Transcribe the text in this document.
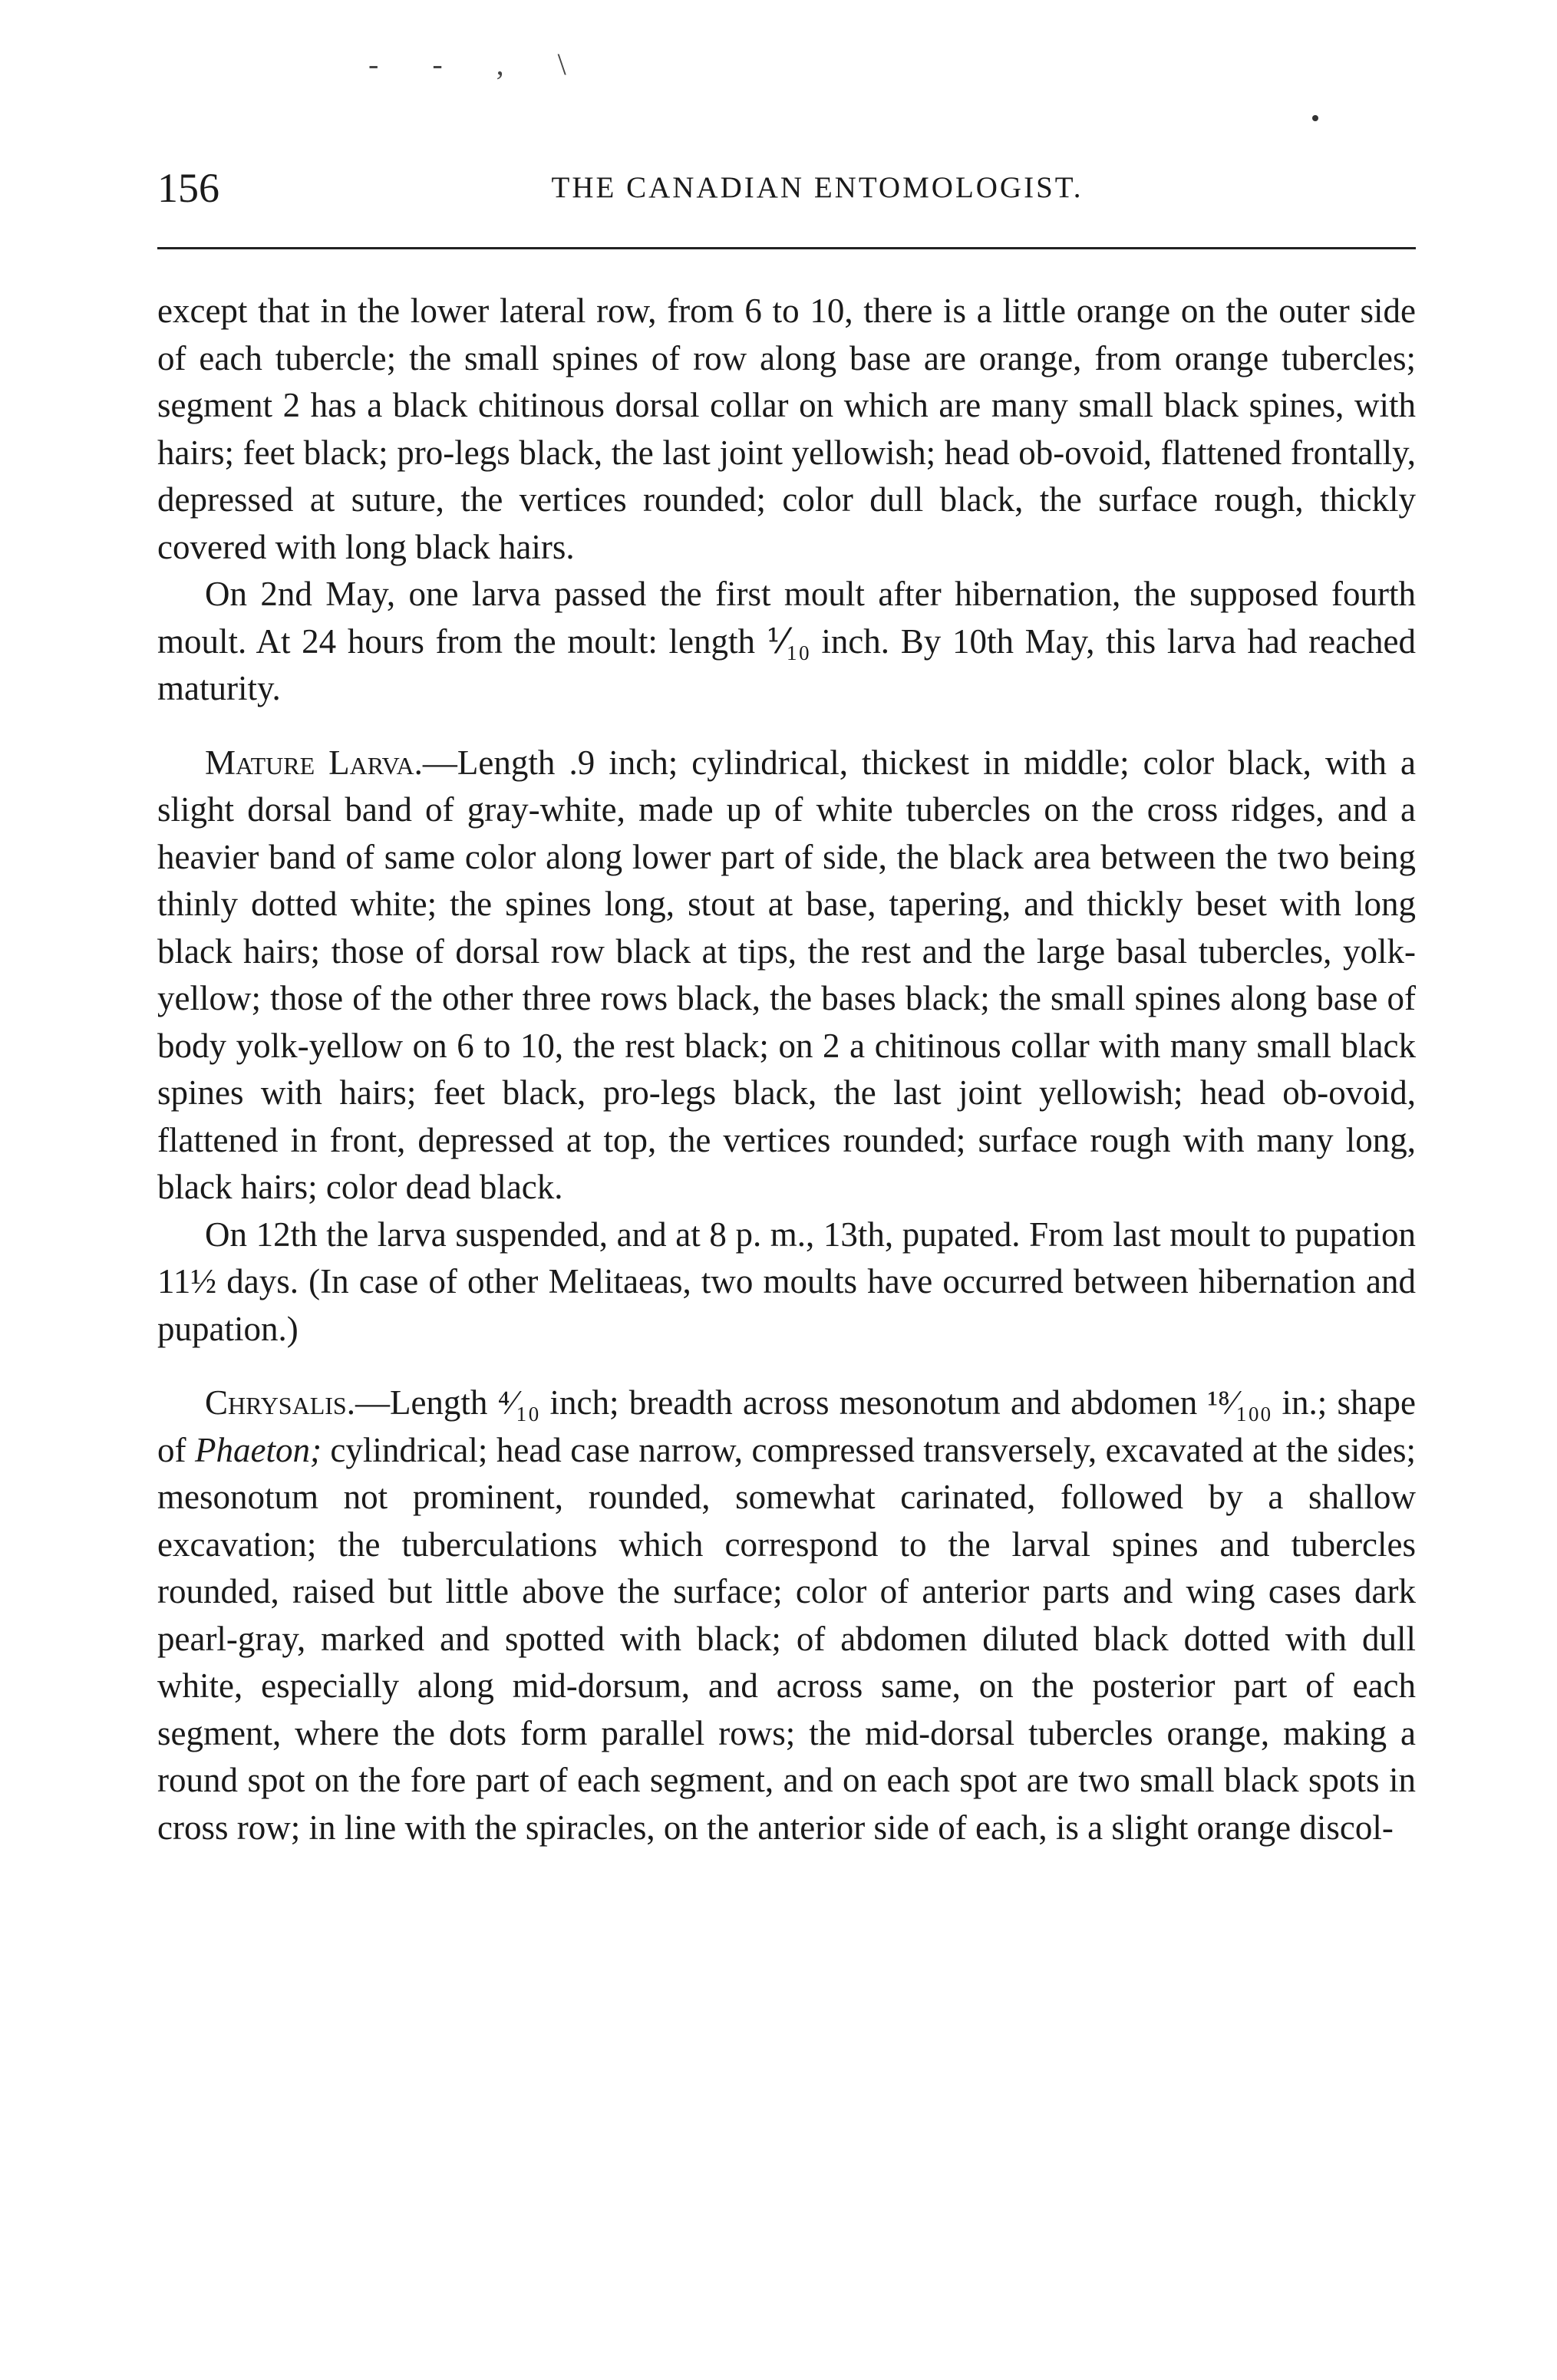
- - , \
156	THE CANADIAN ENTOMOLOGIST.

except that in the lower lateral row, from 6 to 10, there is a little orange on the outer side of each tubercle; the small spines of row along base are orange, from orange tubercles; segment 2 has a black chitinous dorsal collar on which are many small black spines, with hairs; feet black; pro-legs black, the last joint yellowish; head ob-ovoid, flattened frontally, depressed at suture, the vertices rounded; color dull black, the surface rough, thickly covered with long black hairs.

On 2nd May, one larva passed the first moult after hibernation, the supposed fourth moult. At 24 hours from the moult: length ⅟₁₀ inch. By 10th May, this larva had reached maturity.

Mature Larva.—Length .9 inch; cylindrical, thickest in middle; color black, with a slight dorsal band of gray-white, made up of white tubercles on the cross ridges, and a heavier band of same color along lower part of side, the black area between the two being thinly dotted white; the spines long, stout at base, tapering, and thickly beset with long black hairs; those of dorsal row black at tips, the rest and the large basal tubercles, yolk-yellow; those of the other three rows black, the bases black; the small spines along base of body yolk-yellow on 6 to 10, the rest black; on 2 a chitinous collar with many small black spines with hairs; feet black, pro-legs black, the last joint yellowish; head ob-ovoid, flattened in front, depressed at top, the vertices rounded; surface rough with many long, black hairs; color dead black.

On 12th the larva suspended, and at 8 p. m., 13th, pupated. From last moult to pupation 11½ days. (In case of other Melitaeas, two moults have occurred between hibernation and pupation.)

Chrysalis.—Length ⁴⁄₁₀ inch; breadth across mesonotum and abdomen ¹⁸⁄₁₀₀ in.; shape of Phaeton; cylindrical; head case narrow, compressed transversely, excavated at the sides; mesonotum not prominent, rounded, somewhat carinated, followed by a shallow excavation; the tuberculations which correspond to the larval spines and tubercles rounded, raised but little above the surface; color of anterior parts and wing cases dark pearl-gray, marked and spotted with black; of abdomen diluted black dotted with dull white, especially along mid-dorsum, and across same, on the posterior part of each segment, where the dots form parallel rows; the mid-dorsal tubercles orange, making a round spot on the fore part of each segment, and on each spot are two small black spots in cross row; in line with the spiracles, on the anterior side of each, is a slight orange discol-
